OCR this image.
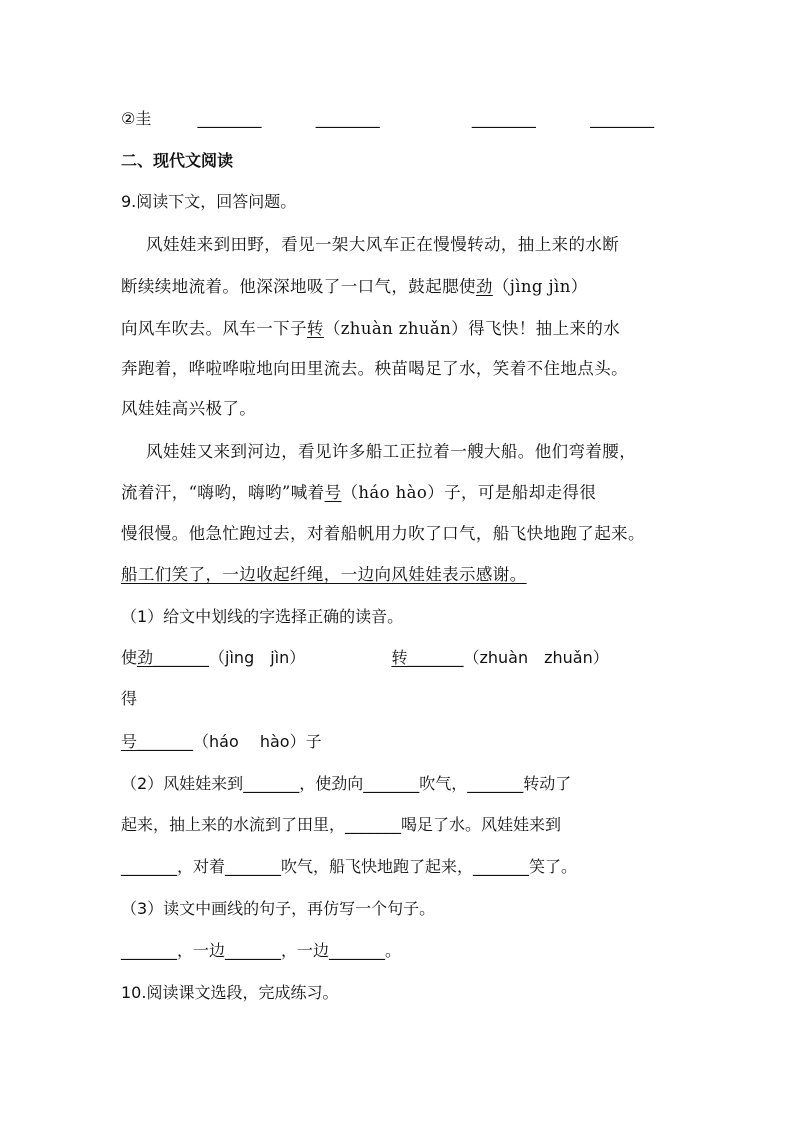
②圭	________	________	________	________
二、现代文阅读
9.阅读下文，回答问题。
风娃娃来到田野，看见一架大风车正在慢慢转动，抽上来的水断
断续续地流着。他深深地吸了一口气，鼓起腮使劲（jìng jìn）
向风车吹去。风车一下子转（zhuàn zhuǎn）得飞快！抽上来的水
奔跑着，哗啦哗啦地向田里流去。秧苗喝足了水，笑着不住地点头。
风娃娃高兴极了。
风娃娃又来到河边，看见许多船工正拉着一艘大船。他们弯着腰，
流着汗，“嗨哟，嗨哟”喊着号（háo hào）子，可是船却走得很
慢很慢。他急忙跑过去，对着船帆用力吹了口气，船飞快地跑了起来。
船工们笑了，一边收起纤绳，一边向风娃娃表示感谢。
（1）给文中划线的字选择正确的读音。
使劲_______（jìng　jìn）	转_______（zhuàn　zhuǎn）
得
号_______（háo　 hào）子
（2）风娃娃来到_______，使劲向_______吹气，_______转动了
起来，抽上来的水流到了田里，_______喝足了水。风娃娃来到
_______，对着_______吹气，船飞快地跑了起来，_______笑了。
（3）读文中画线的句子，再仿写一个句子。
_______，一边_______，一边_______。
10.阅读课文选段，完成练习。
